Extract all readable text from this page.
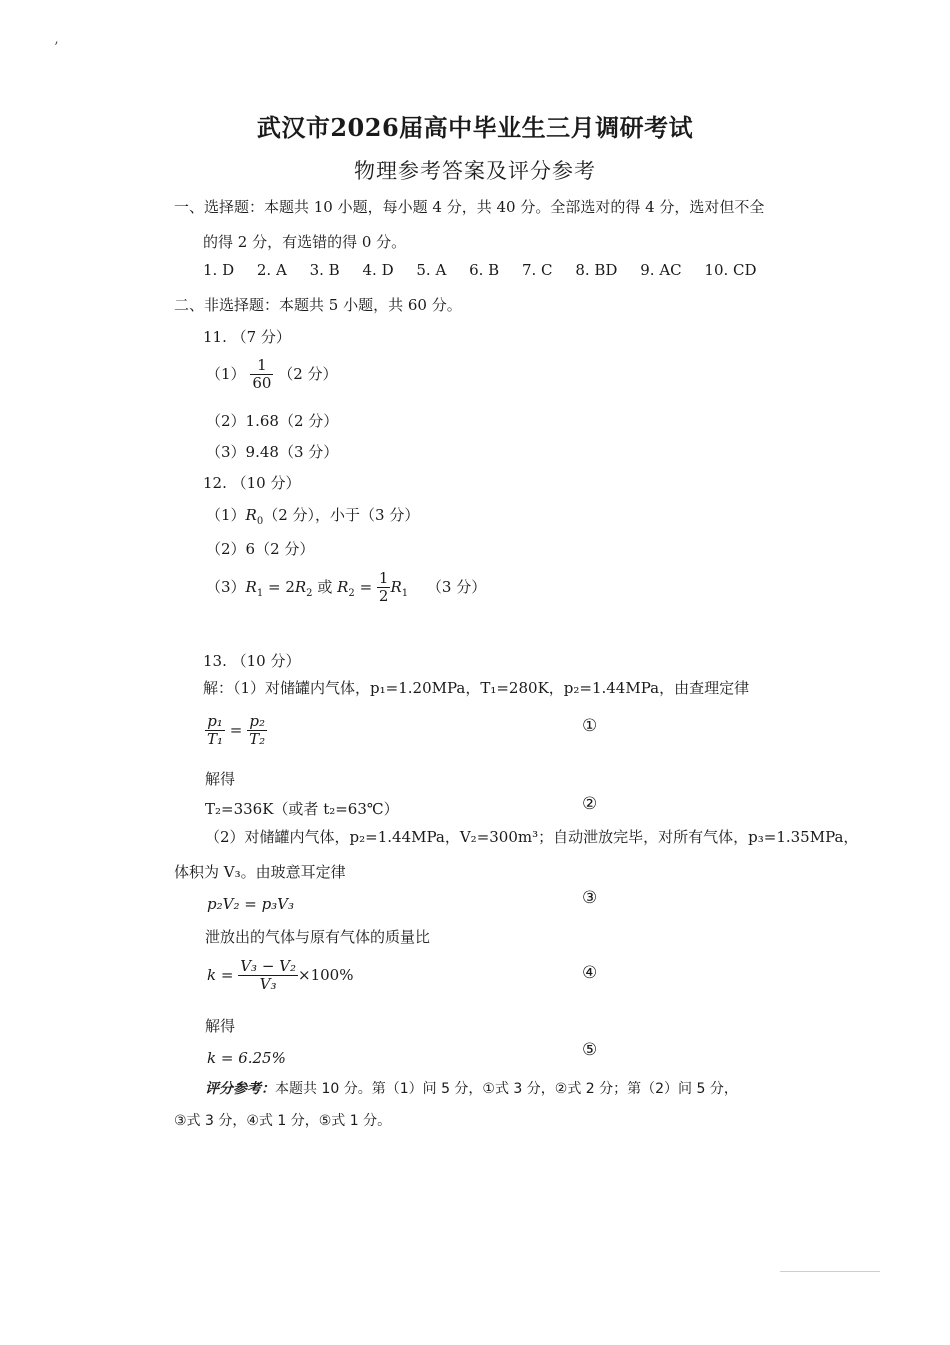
’
武汉市2026届高中毕业生三月调研考试
物理参考答案及评分参考
一、选择题：本题共 10 小题，每小题 4 分，共 40 分。全部选对的得 4 分，选对但不全
的得 2 分，有选错的得 0 分。
1. D 2. A 3. B 4. D 5. A 6. B 7. C 8. BD 9. AC 10. CD
二、非选择题：本题共 5 小题，共 60 分。
11. （7 分）
$(1) \frac{1}{60} (2$ 分）
（2）1.68（2 分）
（3）9.48（3 分）
12. （10 分）
$(1)R_0(2$ 分），小于（3 分）
（2）6（2 分）
$(3)R_1 = 2R_2$ 或 $R_2 = \frac{1}{2} R_1$ （3 分）
13. （10 分）
解：（1）对储罐内气体，p₁=1.20MPa，T₁=280K，p₂=1.44MPa，由查理定律
$\frac{\text{p₁}}{\text{T₁}} = \frac{\text{p₂}}{\text{T₂}}$	①
解得
T₂=336K（或者 t₂=63℃）	②
（2）对储罐内气体，p₂=1.44MPa，V₂=300m³；自动泄放完毕，对所有气体，p₃=1.35MPa，
体积为 V₃。由玻意耳定律
p₂V₂ = p₃V₃	③
泄放出的气体与原有气体的质量比
$k = \frac{\text{V₃ − V₂}}{\text{V₃}} \times 100\%$	④
解得
k = 6.25%	⑤
评分参考：本题共 10 分。第（1）问 5 分，①式 3 分，②式 2 分；第（2）问 5 分，
③式 3 分，④式 1 分，⑤式 1 分。
